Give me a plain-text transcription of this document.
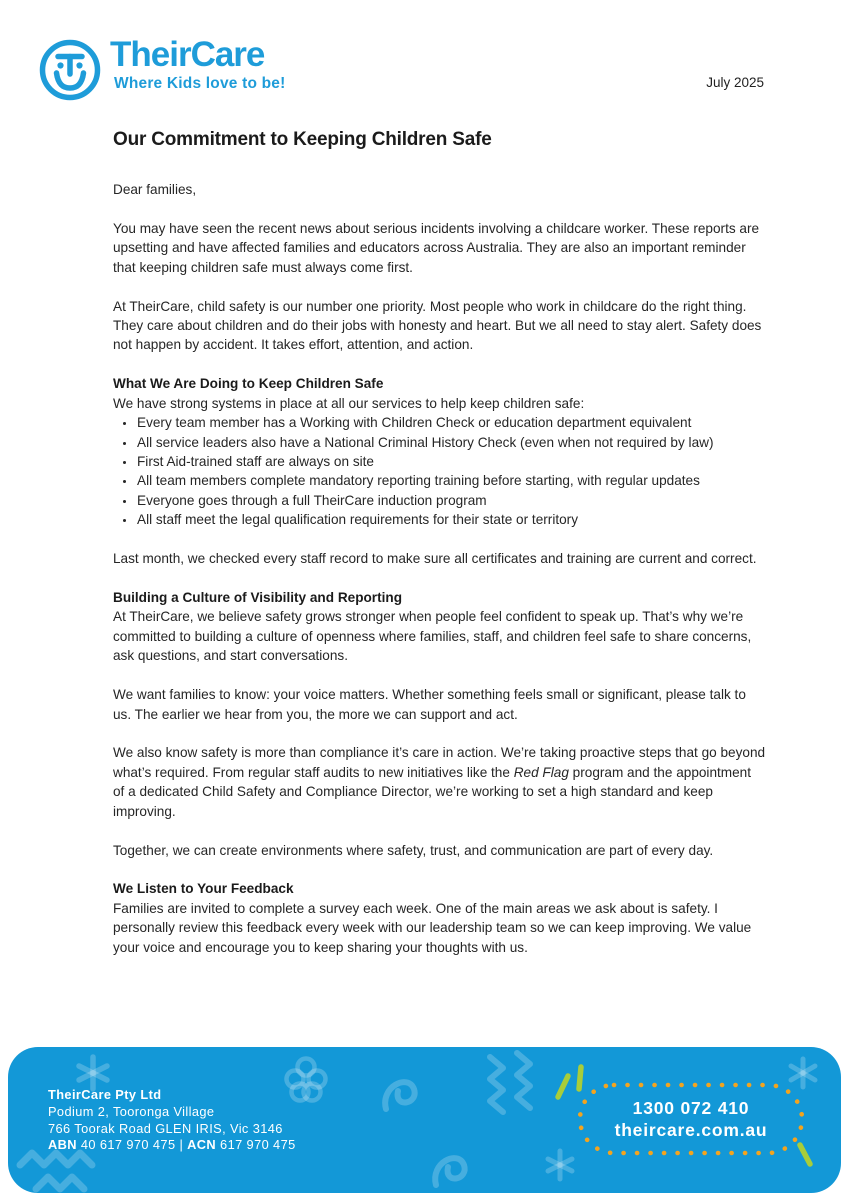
TheirCare
Where Kids love to be!	July 2025
Our Commitment to Keeping Children Safe

Dear families,

You may have seen the recent news about serious incidents involving a childcare worker. These reports are upsetting and have affected families and educators across Australia. They are also an important reminder that keeping children safe must always come first.

At TheirCare, child safety is our number one priority. Most people who work in childcare do the right thing. They care about children and do their jobs with honesty and heart. But we all need to stay alert. Safety does not happen by accident. It takes effort, attention, and action.

What We Are Doing to Keep Children Safe

We have strong systems in place at all our services to help keep children safe:

• Every team member has a Working with Children Check or education department equivalent
• All service leaders also have a National Criminal History Check (even when not required by law)
• First Aid-trained staff are always on site
• All team members complete mandatory reporting training before starting, with regular updates
• Everyone goes through a full TheirCare induction program
• All staff meet the legal qualification requirements for their state or territory

Last month, we checked every staff record to make sure all certificates and training are current and correct.

Building a Culture of Visibility and Reporting

At TheirCare, we believe safety grows stronger when people feel confident to speak up. That’s why we’re committed to building a culture of openness where families, staff, and children feel safe to share concerns, ask questions, and start conversations.

We want families to know: your voice matters. Whether something feels small or significant, please talk to us. The earlier we hear from you, the more we can support and act.

We also know safety is more than compliance it’s care in action. We’re taking proactive steps that go beyond what’s required. From regular staff audits to new initiatives like the Red Flag program and the appointment of a dedicated Child Safety and Compliance Director, we’re working to set a high standard and keep improving.

Together, we can create environments where safety, trust, and communication are part of every day.

We Listen to Your Feedback

Families are invited to complete a survey each week. One of the main areas we ask about is safety. I personally review this feedback every week with our leadership team so we can keep improving. We value your voice and encourage you to keep sharing your thoughts with us.

TheirCare Pty Ltd
Podium 2, Tooronga Village
766 Toorak Road GLEN IRIS, Vic 3146
ABN 40 617 970 475 | ACN 617 970 475
1300 072 410
theircare.com.au
